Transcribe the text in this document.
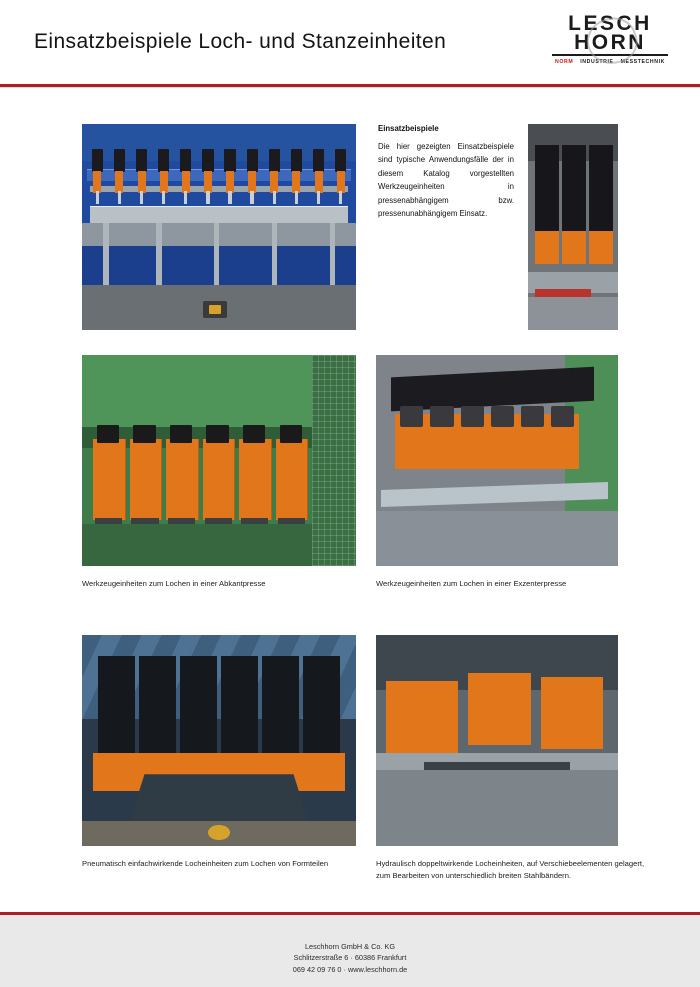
Einsatzbeispiele Loch- und Stanzeinheiten
LESCH
HORN
NORM INDUSTRIE MESSTECHNIK
Einsatzbeispiele
Die hier gezeigten Einsatzbeispiele sind typische Anwendungsfälle der in diesem Katalog vorgestellten Werkzeugeinheiten in pressenabhängigem bzw. pressenunabhängigem Einsatz.
Werkzeugeinheiten zum Lochen in einer Abkantpresse	Werkzeugeinheiten zum Lochen in einer Exzenterpresse
Pneumatisch einfachwirkende Locheinheiten zum Lochen von Formteilen	Hydraulisch doppeltwirkende Locheinheiten, auf Verschiebeelementen gelagert, zum Bearbeiten von unterschiedlich breiten Stahlbändern.
Leschhorn GmbH & Co. KG
Schlitzerstraße 6 · 60386 Frankfurt
069 42 09 76 0 · www.leschhorn.de
